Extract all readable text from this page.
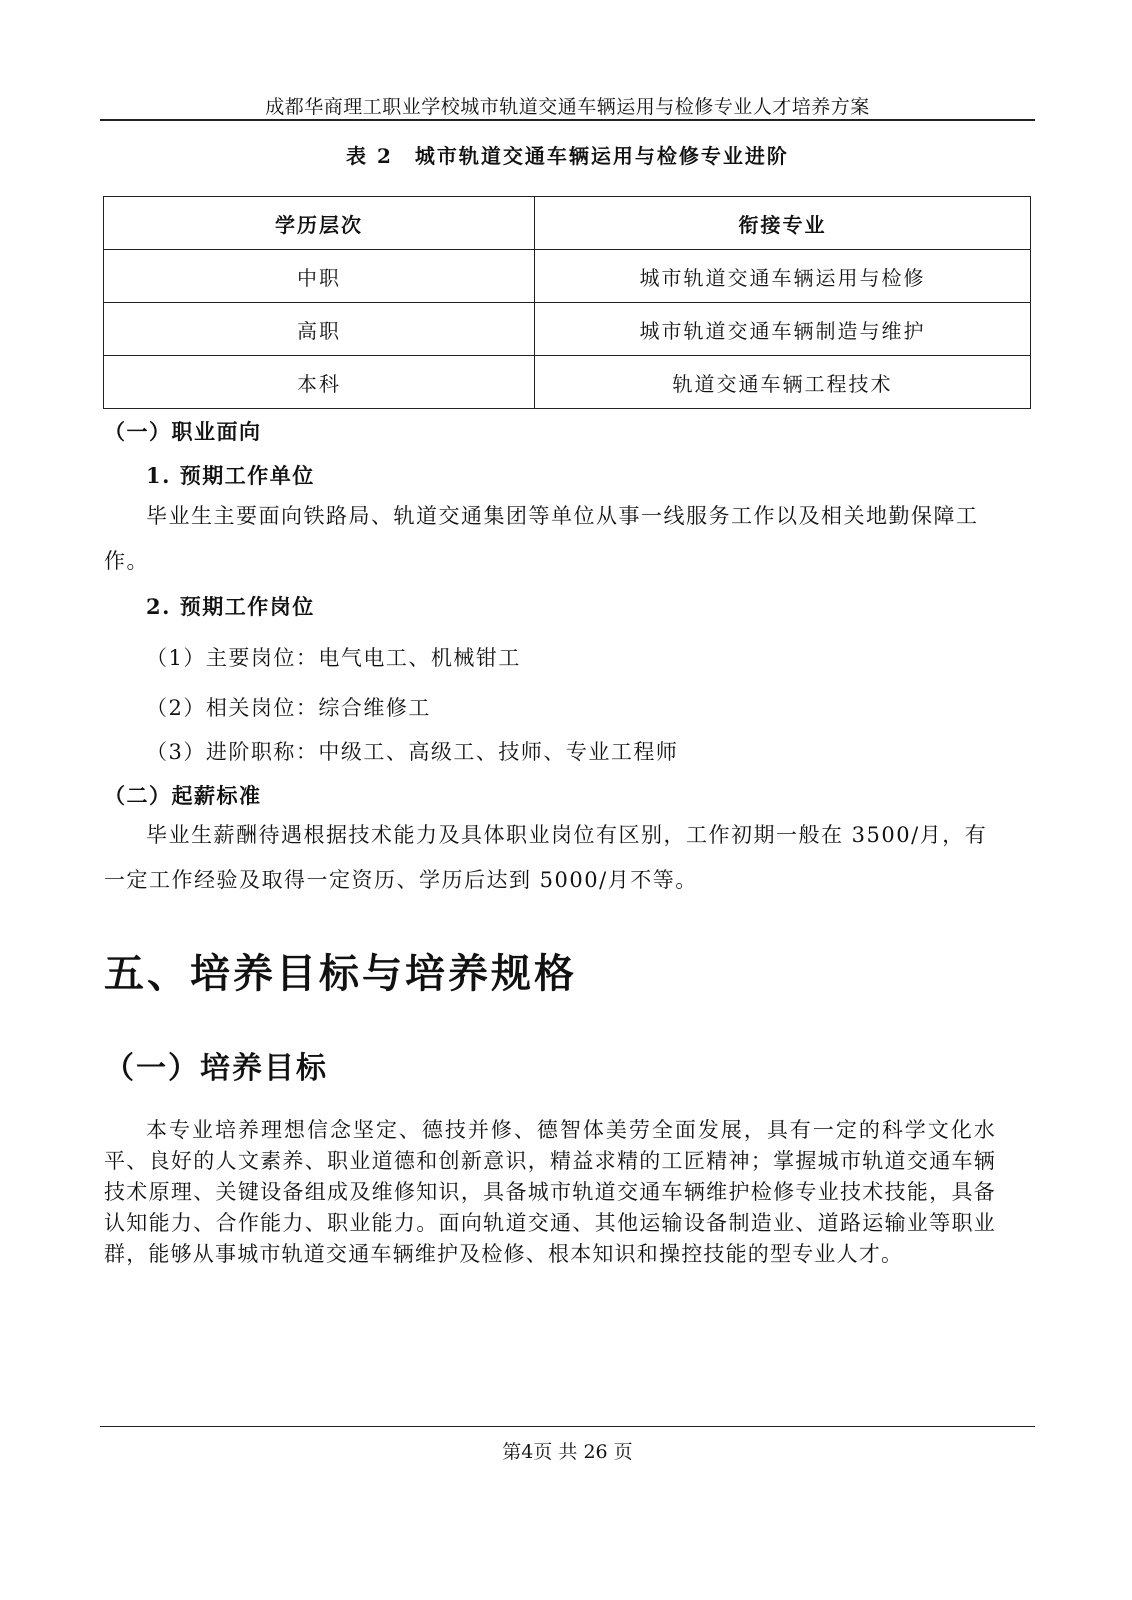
成都华商理工职业学校城市轨道交通车辆运用与检修专业人才培养方案
表 2　城市轨道交通车辆运用与检修专业进阶
学历层次	衔接专业
中职	城市轨道交通车辆运用与检修
高职	城市轨道交通车辆制造与维护
本科	轨道交通车辆工程技术
（一）职业面向
1. 预期工作单位
毕业生主要面向铁路局、轨道交通集团等单位从事一线服务工作以及相关地勤保障工作。
2. 预期工作岗位
（1）主要岗位：电气电工、机械钳工
（2）相关岗位：综合维修工
（3）进阶职称：中级工、高级工、技师、专业工程师
（二）起薪标准
毕业生薪酬待遇根据技术能力及具体职业岗位有区别，工作初期一般在 3500/月，有一定工作经验及取得一定资历、学历后达到 5000/月不等。
五、培养目标与培养规格
（一）培养目标
本专业培养理想信念坚定、德技并修、德智体美劳全面发展，具有一定的科学文化水平、良好的人文素养、职业道德和创新意识，精益求精的工匠精神；掌握城市轨道交通车辆技术原理、关键设备组成及维修知识，具备城市轨道交通车辆维护检修专业技术技能，具备认知能力、合作能力、职业能力。面向轨道交通、其他运输设备制造业、道路运输业等职业群，能够从事城市轨道交通车辆维护及检修、根本知识和操控技能的型专业人才。
第4页 共 26 页
